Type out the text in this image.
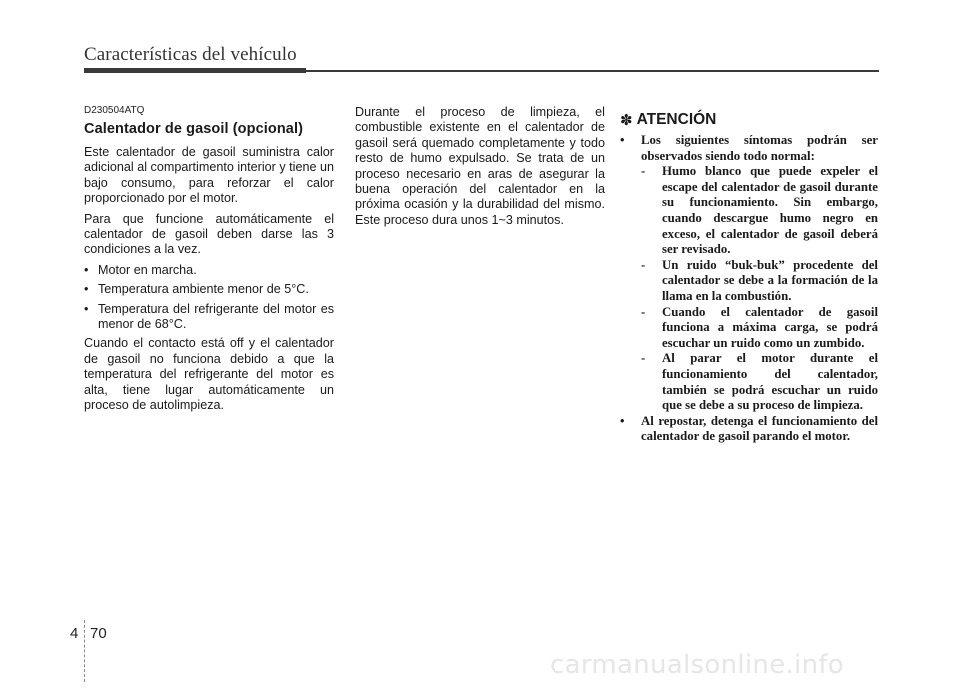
Características del vehículo
D230504ATQ
Calentador de gasoil (opcional)

Este calentador de gasoil suministra calor adicional al compartimento interior y tiene un bajo consumo, para reforzar el calor proporcionado por el motor.

Para que funcione automáticamente el calentador de gasoil deben darse las 3 condiciones a la vez.

• Motor en marcha.
• Temperatura ambiente menor de 5°C.
• Temperatura del refrigerante del motor es menor de 68°C.

Cuando el contacto está off y el calentador de gasoil no funciona debido a que la temperatura del refrigerante del motor es alta, tiene lugar automáticamente un proceso de autolimpieza.

Durante el proceso de limpieza, el combustible existente en el calentador de gasoil será quemado completamente y todo resto de humo expulsado. Se trata de un proceso necesario en aras de asegurar la buena operación del calentador en la próxima ocasión y la durabilidad del mismo. Este proceso dura unos 1~3 minutos.

✽ ATENCIÓN
• Los siguientes síntomas podrán ser observados siendo todo normal:
- Humo blanco que puede expeler el escape del calentador de gasoil durante su funcionamiento. Sin embargo, cuando descargue humo negro en exceso, el calentador de gasoil deberá ser revisado.
- Un ruido “buk-buk” procedente del calentador se debe a la formación de la llama en la combustión.
- Cuando el calentador de gasoil funciona a máxima carga, se podrá escuchar un ruido como un zumbido.
- Al parar el motor durante el funcionamiento del calentador, también se podrá escuchar un ruido que se debe a su proceso de limpieza.
• Al repostar, detenga el funcionamiento del calentador de gasoil parando el motor.
4 70
carmanualsonline.info
